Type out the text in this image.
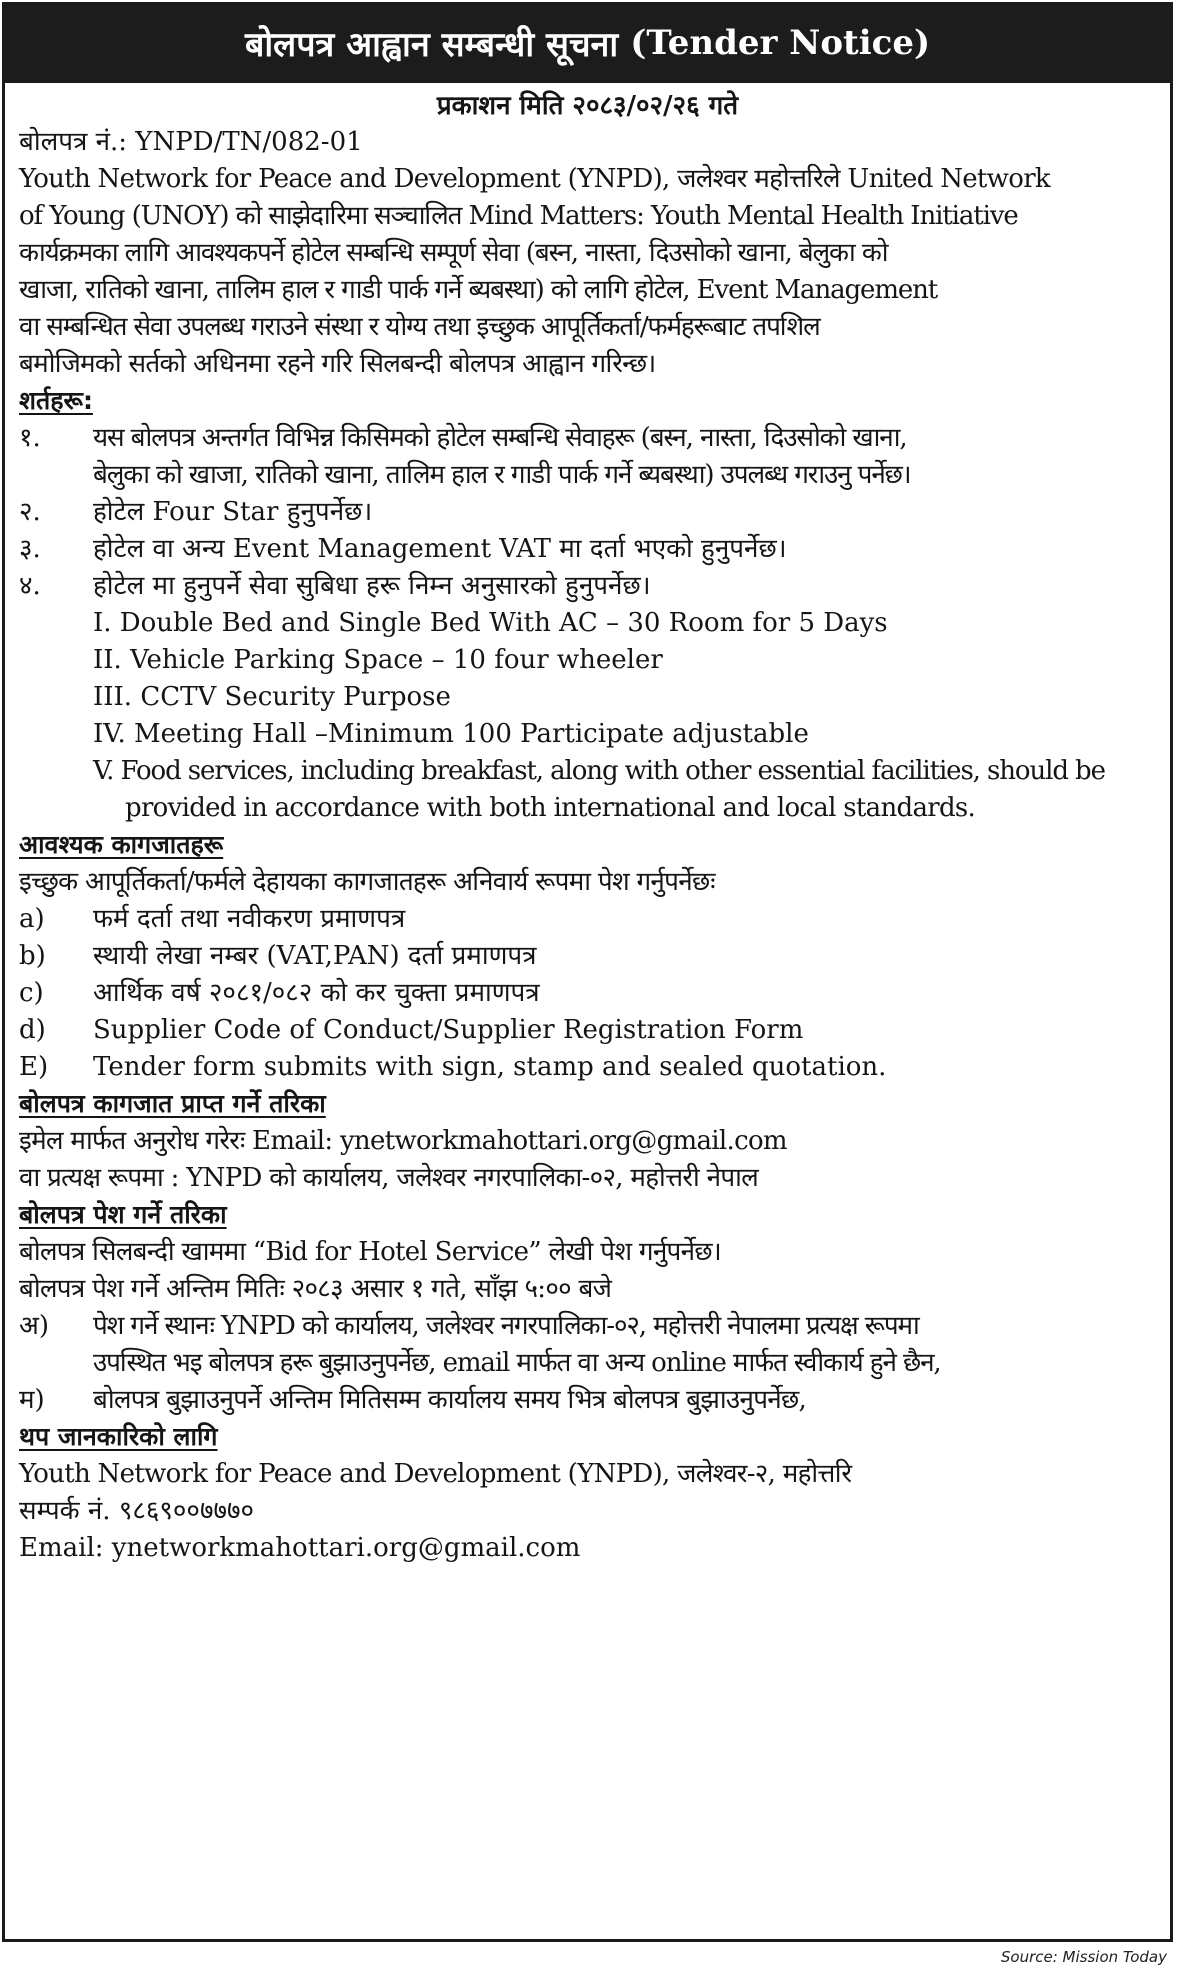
बोलपत्र आह्वान सम्बन्धी सूचना (Tender Notice)
प्रकाशन मिति २०८३/०२/२६ गते
बोलपत्र नं.: YNPD/TN/082-01
Youth Network for Peace and Development (YNPD), जलेश्वर महोत्तरिले United Network
of Young (UNOY) को साझेदारिमा सञ्चालित Mind Matters: Youth Mental Health Initiative
कार्यक्रमका लागि आवश्यकपर्ने होटेल सम्बन्धि सम्पूर्ण सेवा (बस्न, नास्ता, दिउसोको खाना, बेलुका को
खाजा, रातिको खाना, तालिम हाल र गाडी पार्क गर्ने ब्यबस्था) को लागि होटेल, Event Management
वा सम्बन्धित सेवा उपलब्ध गराउने संस्था र योग्य तथा इच्छुक आपूर्तिकर्ता/फर्महरूबाट तपशिल
बमोजिमको सर्तको अधिनमा रहने गरि सिलबन्दी बोलपत्र आह्वान गरिन्छ।
शर्तहरू:
१. यस बोलपत्र अन्तर्गत विभिन्न किसिमको होटेल सम्बन्धि सेवाहरू (बस्न, नास्ता, दिउसोको खाना,
बेलुका को खाजा, रातिको खाना, तालिम हाल र गाडी पार्क गर्ने ब्यबस्था) उपलब्ध गराउनु पर्नेछ।
२. होटेल Four Star हुनुपर्नेछ।
३. होटेल वा अन्य Event Management VAT मा दर्ता भएको हुनुपर्नेछ।
४. होटेल मा हुनुपर्ने सेवा सुबिधा हरू निम्न अनुसारको हुनुपर्नेछ।
I. Double Bed and Single Bed With AC – 30 Room for 5 Days
II. Vehicle Parking Space – 10 four wheeler
III. CCTV Security Purpose
IV. Meeting Hall –Minimum 100 Participate adjustable
V. Food services, including breakfast, along with other essential facilities, should be
provided in accordance with both international and local standards.
आवश्यक कागजातहरू
इच्छुक आपूर्तिकर्ता/फर्मले देहायका कागजातहरू अनिवार्य रूपमा पेश गर्नुपर्नेछः
a) फर्म दर्ता तथा नवीकरण प्रमाणपत्र
b) स्थायी लेखा नम्बर (VAT,PAN) दर्ता प्रमाणपत्र
c) आर्थिक वर्ष २०८१/०८२ को कर चुक्ता प्रमाणपत्र
d) Supplier Code of Conduct/Supplier Registration Form
E) Tender form submits with sign, stamp and sealed quotation.
बोलपत्र कागजात प्राप्त गर्ने तरिका
इमेल मार्फत अनुरोध गरेरः Email: ynetworkmahottari.org@gmail.com
वा प्रत्यक्ष रूपमा : YNPD को कार्यालय, जलेश्वर नगरपालिका-०२, महोत्तरी नेपाल
बोलपत्र पेश गर्ने तरिका
बोलपत्र सिलबन्दी खाममा “Bid for Hotel Service” लेखी पेश गर्नुपर्नेछ।
बोलपत्र पेश गर्ने अन्तिम मितिः २०८३ असार १ गते, साँझ ५:०० बजे
अ) पेश गर्ने स्थानः YNPD को कार्यालय, जलेश्वर नगरपालिका-०२, महोत्तरी नेपालमा प्रत्यक्ष रूपमा
उपस्थित भइ बोलपत्र हरू बुझाउनुपर्नेछ, email मार्फत वा अन्य online मार्फत स्वीकार्य हुने छैन,
म) बोलपत्र बुझाउनुपर्ने अन्तिम मितिसम्म कार्यालय समय भित्र बोलपत्र बुझाउनुपर्नेछ,
थप जानकारिको लागि
Youth Network for Peace and Development (YNPD), जलेश्वर-२, महोत्तरि
सम्पर्क नं. ९८६९००७७७०
Email: ynetworkmahottari.org@gmail.com
Source: Mission Today
